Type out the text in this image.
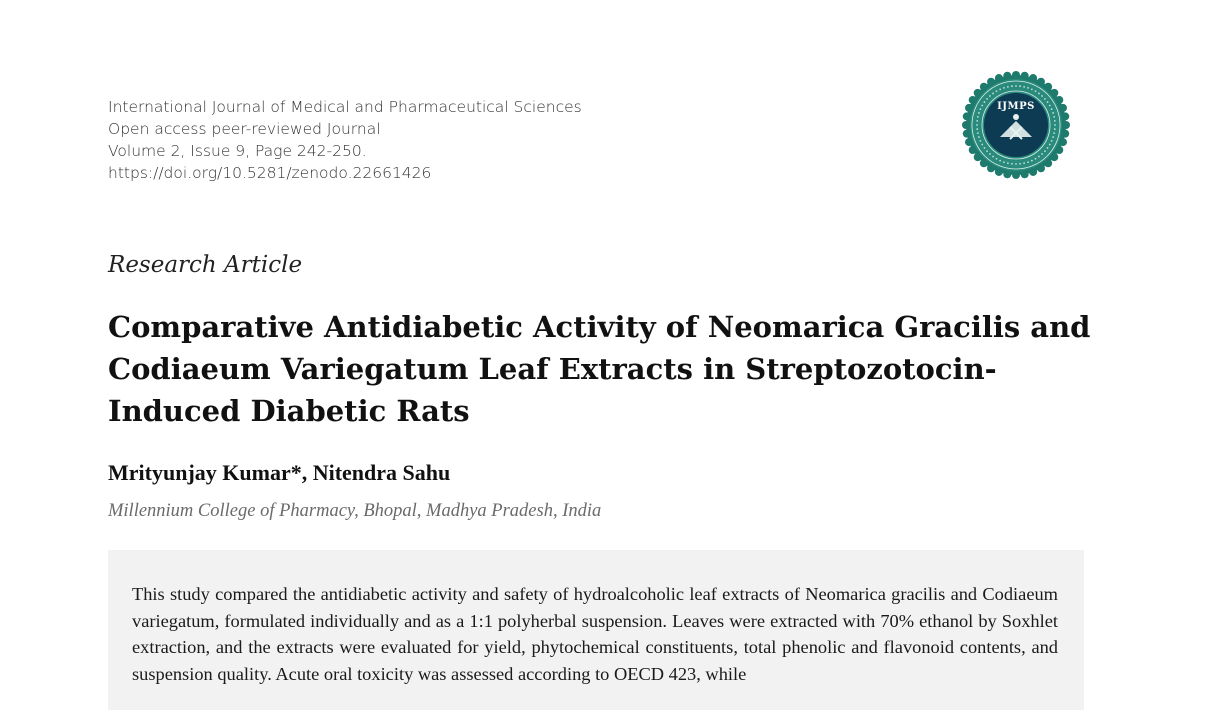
International Journal of Medical and Pharmaceutical Sciences
Open access peer-reviewed Journal
Volume 2, Issue 9, Page 242-250.
https://doi.org/10.5281/zenodo.22661426
IJMPS
Research Article
Comparative Antidiabetic Activity of Neomarica Gracilis and Codiaeum Variegatum Leaf Extracts in Streptozotocin-Induced Diabetic Rats
Mrityunjay Kumar*, Nitendra Sahu
Millennium College of Pharmacy, Bhopal, Madhya Pradesh, India

This study compared the antidiabetic activity and safety of hydroalcoholic leaf extracts of Neomarica gracilis and Codiaeum variegatum, formulated individually and as a 1:1 polyherbal suspension. Leaves were extracted with 70% ethanol by Soxhlet extraction, and the extracts were evaluated for yield, phytochemical constituents, total phenolic and flavonoid contents, and suspension quality. Acute oral toxicity was assessed according to OECD 423, while
